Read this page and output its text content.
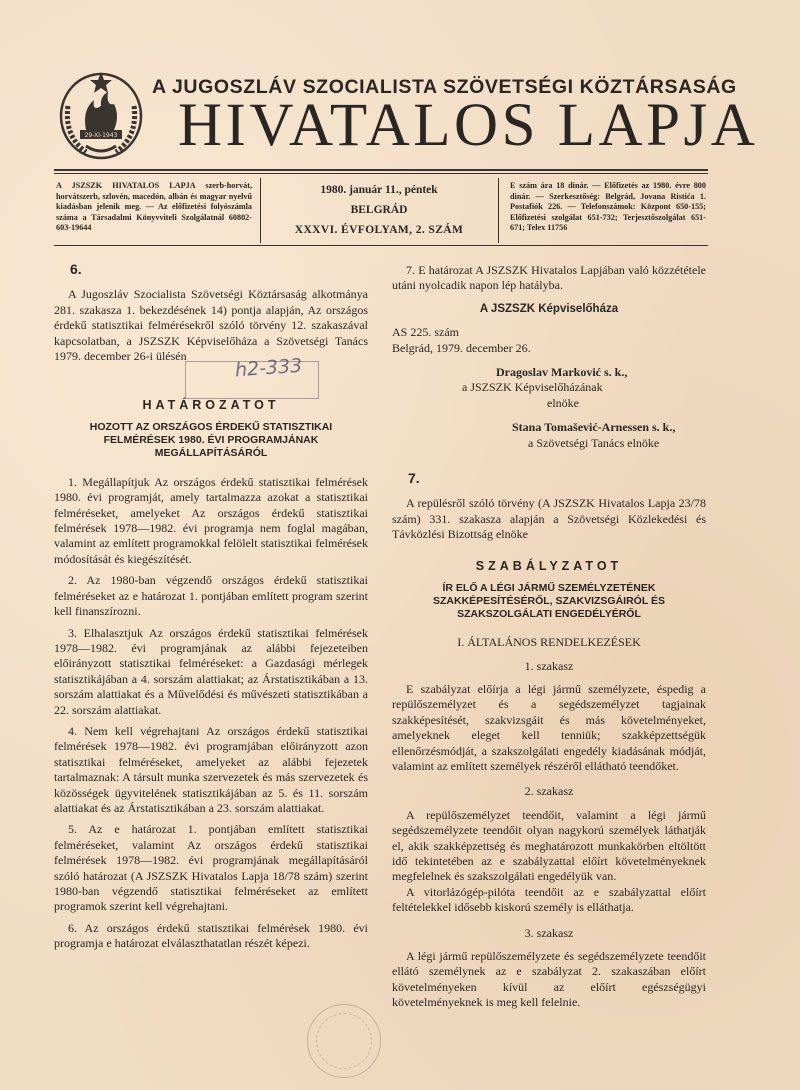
29-XI-1943
A JUGOSZLÁV SZOCIALISTA SZÖVETSÉGI KÖZTÁRSASÁG
HIVATALOS LAPJA
A JSZSZK HIVATALOS LAPJA szerb-horvát, horvátszerb, szlovén, macedón, albán és magyar nyelvű kiadásban jelenik meg. — Az előfizetési folyószámla száma a Társadalmi Könyvviteli Szolgálatnál 60802-603-19644
1980. január 11., péntek
BELGRÁD
XXXVI. ÉVFOLYAM, 2. SZÁM
E szám ára 18 dinár. — Előfizetés az 1980. évre 800 dinár. — Szerkesztőség: Belgrád, Jovana Ristića 1. Postafiók 226. — Telefonszámok: Központ 650-155; Előfizetési szolgálat 651-732; Terjesztőszolgálat 651-671; Telex 11756
6.

A Jugoszláv Szocialista Szövetségi Köztársaság alkotmánya 281. szakasza 1. bekezdésének 14) pontja alapján, Az országos érdekű statisztikai felmérésekről szóló törvény 12. szakaszával kapcsolatban, a JSZSZK Képviselőháza a Szövetségi Tanács 1979. december 26-i ülésén

HATÁROZATOT
HOZOTT AZ ORSZÁGOS ÉRDEKŰ STATISZTIKAI FELMÉRÉSEK 1980. ÉVI PROGRAMJÁNAK MEGÁLLAPÍTÁSÁRÓL

1. Megállapítjuk Az országos érdekű statisztikai felmérések 1980. évi programját, amely tartalmazza azokat a statisztikai felméréseket, amelyeket Az országos érdekű statisztikai felmérések 1978—1982. évi programja nem foglal magában, valamint az említett programokkal felölelt statisztikai felmérések módosítását és kiegészítését.

2. Az 1980-ban végzendő országos érdekű statisztikai felméréseket az e határozat 1. pontjában említett program szerint kell finanszírozni.

3. Elhalasztjuk Az országos érdekű statisztikai felmérések 1978—1982. évi programjának az alábbi fejezeteiben előirányzott statisztikai felméréseket: a Gazdasági mérlegek statisztikájában a 4. sorszám alattiakat; az Árstatisztikában a 13. sorszám alattiakat és a Művelődési és művészeti statisztikában a 22. sorszám alattiakat.

4. Nem kell végrehajtani Az országos érdekű statisztikai felmérések 1978—1982. évi programjában előirányzott azon statisztikai felméréseket, amelyeket az alábbi fejezetek tartalmaznak: A társult munka szervezetek és más szervezetek és közösségek ügyvitelének statisztikájában az 5. és 11. sorszám alattiakat és az Árstatisztikában a 23. sorszám alattiakat.

5. Az e határozat 1. pontjában említett statisztikai felméréseket, valamint Az országos érdekű statisztikai felmérések 1978—1982. évi programjának megállapításáról szóló határozat (A JSZSZK Hivatalos Lapja 18/78 szám) szerint 1980-ban végzendő statisztikai felméréseket az említett programok szerint kell végrehajtani.

6. Az országos érdekű statisztikai felmérések 1980. évi programja e határozat elválaszthatatlan részét képezi.

h2-333

7. E határozat A JSZSZK Hivatalos Lapjában való közzététele utáni nyolcadik napon lép hatályba.

A JSZSZK Képviselőháza
AS 225. szám
Belgrád, 1979. december 26.
Dragoslav Marković s. k.,
a JSZSZK Képviselőházának
elnöke
Stana Tomašević-Arnessen s. k.,
a Szövetségi Tanács elnöke
7.

A repülésről szóló törvény (A JSZSZK Hivatalos Lapja 23/78 szám) 331. szakasza alapján a Szövetségi Közlekedési és Távközlési Bizottság elnöke

SZABÁLYZATOT
ÍR ELŐ A LÉGI JÁRMŰ SZEMÉLYZETÉNEK SZAKKÉPESÍTÉSÉRŐL, SZAKVIZSGÁIRÓL ÉS SZAKSZOLGÁLATI ENGEDÉLYÉRŐL
I. ÁLTALÁNOS RENDELKEZÉSEK
1. szakasz

E szabályzat előírja a légi jármű személyzete, éspedig a repülőszemélyzet és a segédszemélyzet tagjainak szakképesítését, szakvizsgáit és más követelményeket, amelyeknek eleget kell tenniük; szakképzettségük ellenőrzésmódját, a szakszolgálati engedély kiadásának módját, valamint az említett személyek részéről ellátható teendőket.

2. szakasz

A repülőszemélyzet teendőit, valamint a légi jármű segédszemélyzete teendőit olyan nagykorú személyek láthatják el, akik szakképzettség és meghatározott munkakörben eltöltött idő tekintetében az e szabályzattal előírt követelményeknek megfelelnek és szakszolgálati engedélyük van.

A vitorlázógép-pilóta teendőit az e szabályzattal előírt feltételekkel idősebb kiskorú személy is elláthatja.

3. szakasz

A légi jármű repülőszemélyzete és segédszemélyzete teendőit ellátó személynek az e szabályzat 2. szakaszában előírt követelményeken kívül az előírt egészségügyi követelményeknek is meg kell felelnie.
